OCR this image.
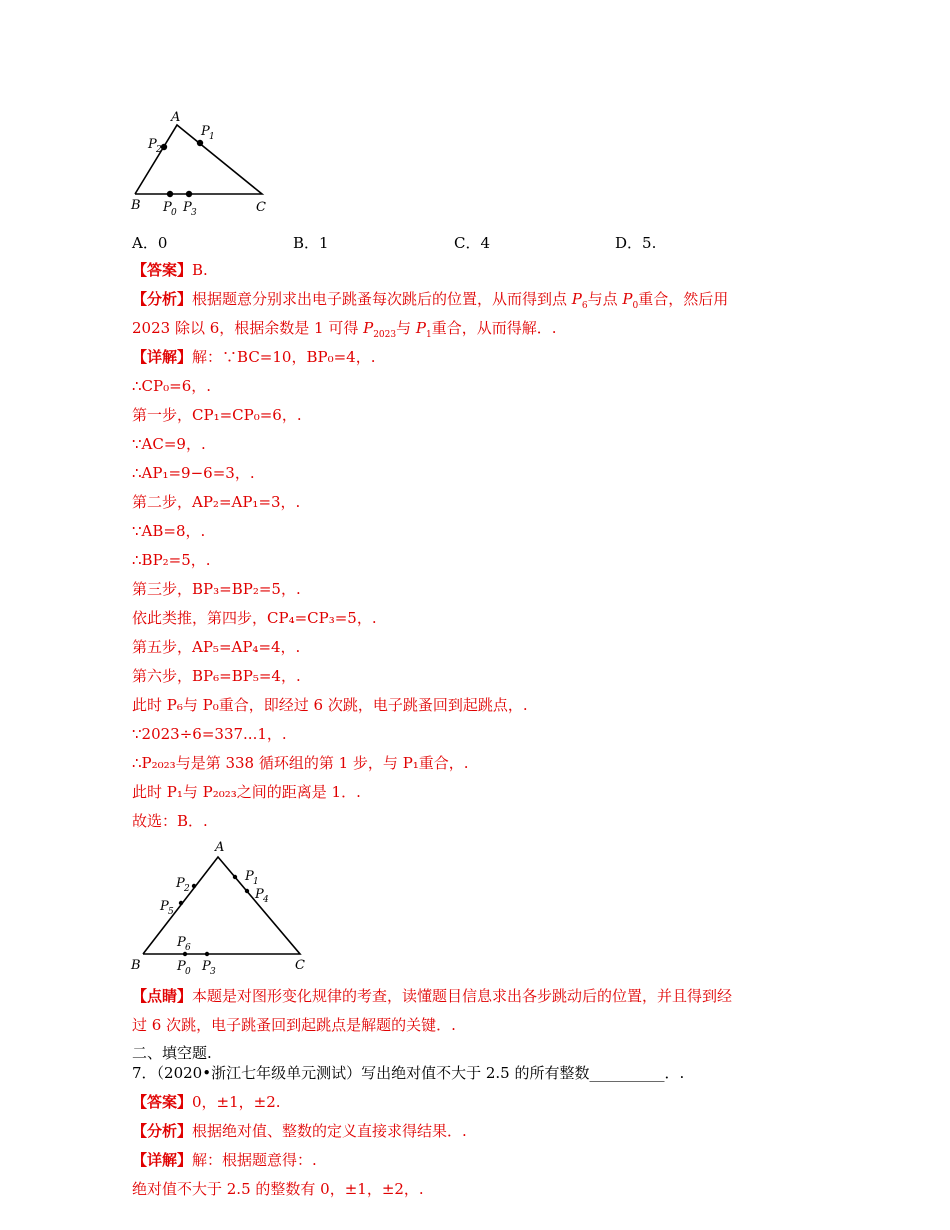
A
P 1
P 2
B P 0 P 3	C
A．0	B．1	C．4	D．5.
【答案】B.
【分析】根据题意分别求出电子跳蚤每次跳后的位置，从而得到点 $P_6$与点 $P_0$重合，然后用
2023 除以 6，根据余数是 1 可得 $P_{2023}$与 $P_1$重合，从而得解．.
【详解】解：∵BC=10，BP₀=4，.
∴CP₀=6，.
第一步，CP₁=CP₀=6，.
∵AC=9，.
∴AP₁=9−6=3，.
第二步，AP₂=AP₁=3，.
∵AB=8，.
∴BP₂=5，.
第三步，BP₃=BP₂=5，.
依此类推，第四步，CP₄=CP₃=5，.
第五步，AP₅=AP₄=4，.
第六步，BP₆=BP₅=4，.
此时 P₆与 P₀重合，即经过 6 次跳，电子跳蚤回到起跳点，.
∵2023÷6=337...1，.
∴P₂₀₂₃与是第 338 循环组的第 1 步，与 P₁重合，.
此时 P₁与 P₂₀₂₃之间的距离是 1．.
故选：B．.
A
P 1
P 4
P 2
P 5
P 6
B	P 0 P 3	C
【点睛】本题是对图形变化规律的考查，读懂题目信息求出各步跳动后的位置，并且得到经
过 6 次跳，电子跳蚤回到起跳点是解题的关键．.
二、填空题.
7．（2020•浙江七年级单元测试）写出绝对值不大于 2.5 的所有整数__________．.
【答案】0，±1，±2.
【分析】根据绝对值、整数的定义直接求得结果．.
【详解】解：根据题意得：.
绝对值不大于 2.5 的整数有 0，±1，±2，.
